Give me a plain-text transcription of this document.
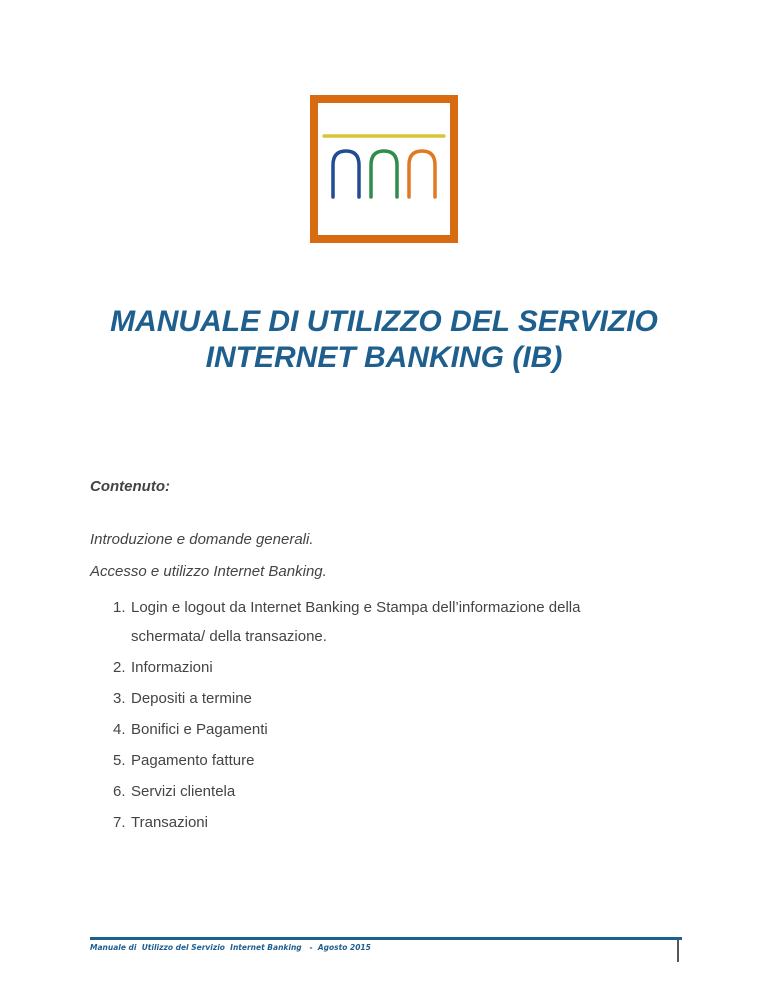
MANUALE DI UTILIZZO DEL SERVIZIO
INTERNET BANKING (IB)

Contenuto:

Introduzione e domande generali.

Accesso e utilizzo Internet Banking.

1. Login e logout da Internet Banking e Stampa dell’informazione della
schermata/ della transazione.
2. Informazioni
3. Depositi a termine
4. Bonifici e Pagamenti
5. Pagamento fatture
6. Servizi clientela
7. Transazioni

Manuale di  Utilizzo del Servizio  Internet Banking   -  Agosto 2015
